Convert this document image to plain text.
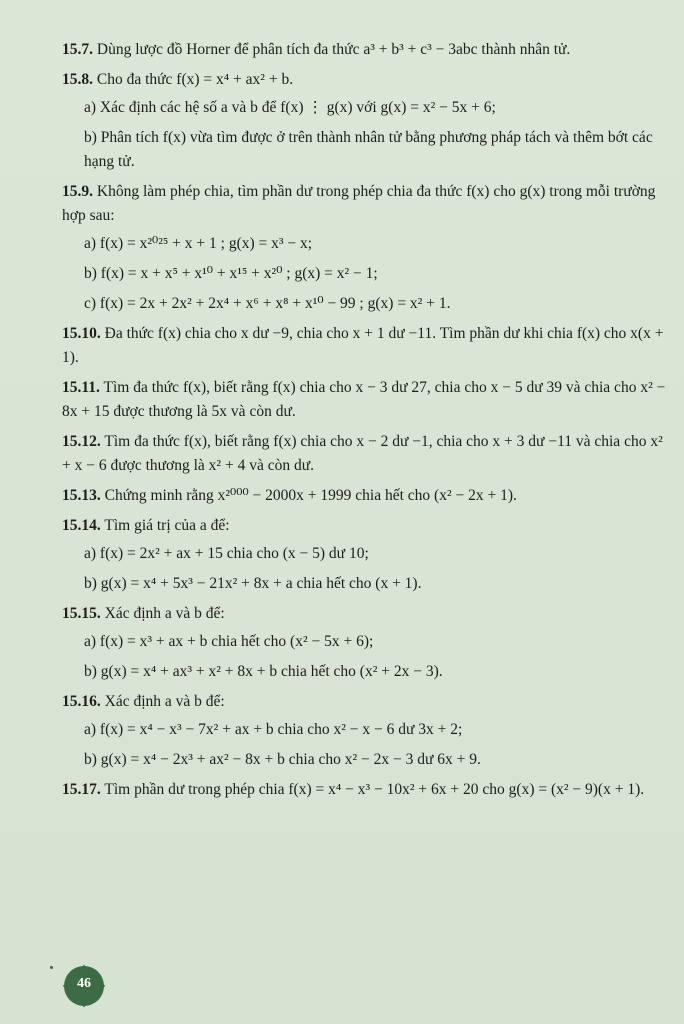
15.7. Dùng lược đồ Horner để phân tích đa thức a³ + b³ + c³ − 3abc thành nhân tử.

15.8. Cho đa thức f(x) = x⁴ + ax² + b.

a) Xác định các hệ số a và b để f(x) ⋮ g(x) với g(x) = x² − 5x + 6;

b) Phân tích f(x) vừa tìm được ở trên thành nhân tử bằng phương pháp tách và thêm bớt các hạng tử.

15.9. Không làm phép chia, tìm phần dư trong phép chia đa thức f(x) cho g(x) trong mỗi trường hợp sau:

a) f(x) = x²⁰²⁵ + x + 1 ; g(x) = x³ − x;

b) f(x) = x + x⁵ + x¹⁰ + x¹⁵ + x²⁰ ; g(x) = x² − 1;

c) f(x) = 2x + 2x² + 2x⁴ + x⁶ + x⁸ + x¹⁰ − 99 ; g(x) = x² + 1.

15.10. Đa thức f(x) chia cho x dư −9, chia cho x + 1 dư −11. Tìm phần dư khi chia f(x) cho x(x + 1).

15.11. Tìm đa thức f(x), biết rằng f(x) chia cho x − 3 dư 27, chia cho x − 5 dư 39 và chia cho x² − 8x + 15 được thương là 5x và còn dư.

15.12. Tìm đa thức f(x), biết rằng f(x) chia cho x − 2 dư −1, chia cho x + 3 dư −11 và chia cho x² + x − 6 được thương là x² + 4 và còn dư.

15.13. Chứng minh rằng x²⁰⁰⁰ − 2000x + 1999 chia hết cho (x² − 2x + 1).

15.14. Tìm giá trị của a để:

a) f(x) = 2x² + ax + 15 chia cho (x − 5) dư 10;

b) g(x) = x⁴ + 5x³ − 21x² + 8x + a chia hết cho (x + 1).

15.15. Xác định a và b để:

a) f(x) = x³ + ax + b chia hết cho (x² − 5x + 6);

b) g(x) = x⁴ + ax³ + x² + 8x + b chia hết cho (x² + 2x − 3).

15.16. Xác định a và b để:

a) f(x) = x⁴ − x³ − 7x² + ax + b chia cho x² − x − 6 dư 3x + 2;

b) g(x) = x⁴ − 2x³ + ax² − 8x + b chia cho x² − 2x − 3 dư 6x + 9.

15.17. Tìm phần dư trong phép chia f(x) = x⁴ − x³ − 10x² + 6x + 20 cho g(x) = (x² − 9)(x + 1).

46
